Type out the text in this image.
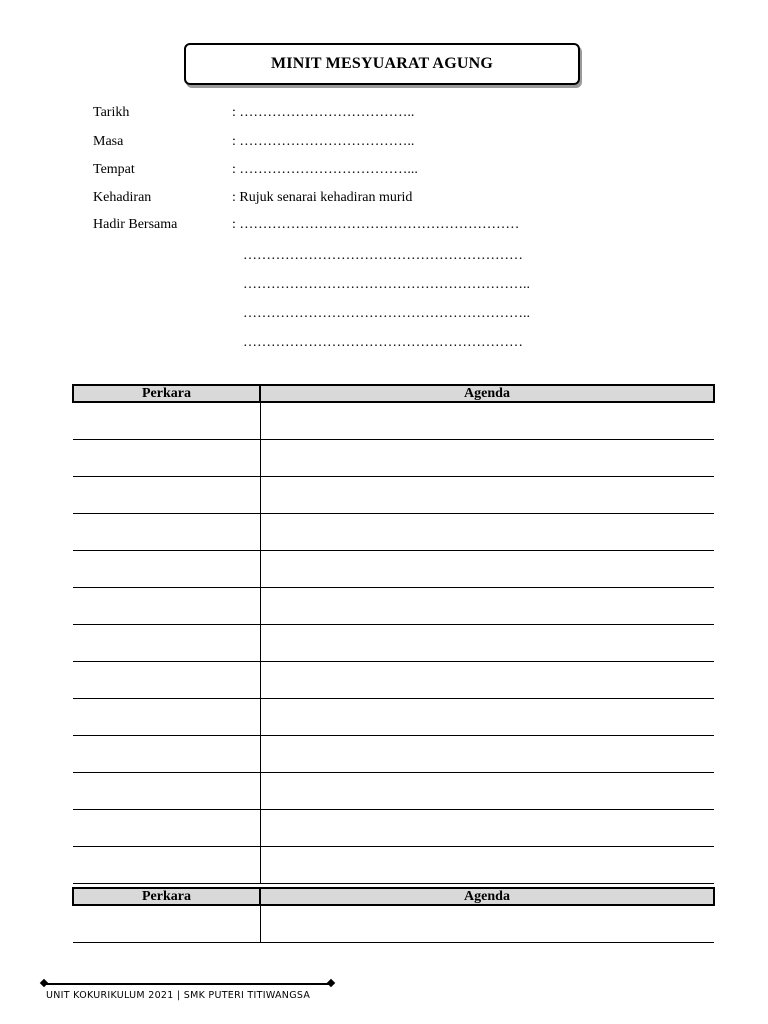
MINIT MESYUARAT AGUNG
Tarikh	: ………………………………..
Masa	: ………………………………..
Tempat	: ………………………………...
Kehadiran	: Rujuk senarai kehadiran murid
Hadir Bersama	: ……………………………………………………
……………………………………………………
……………………………………………………..
……………………………………………………..
……………………………………………………
Perkara	Agenda

Perkara	Agenda

UNIT KOKURIKULUM 2021 | SMK PUTERI TITIWANGSA
